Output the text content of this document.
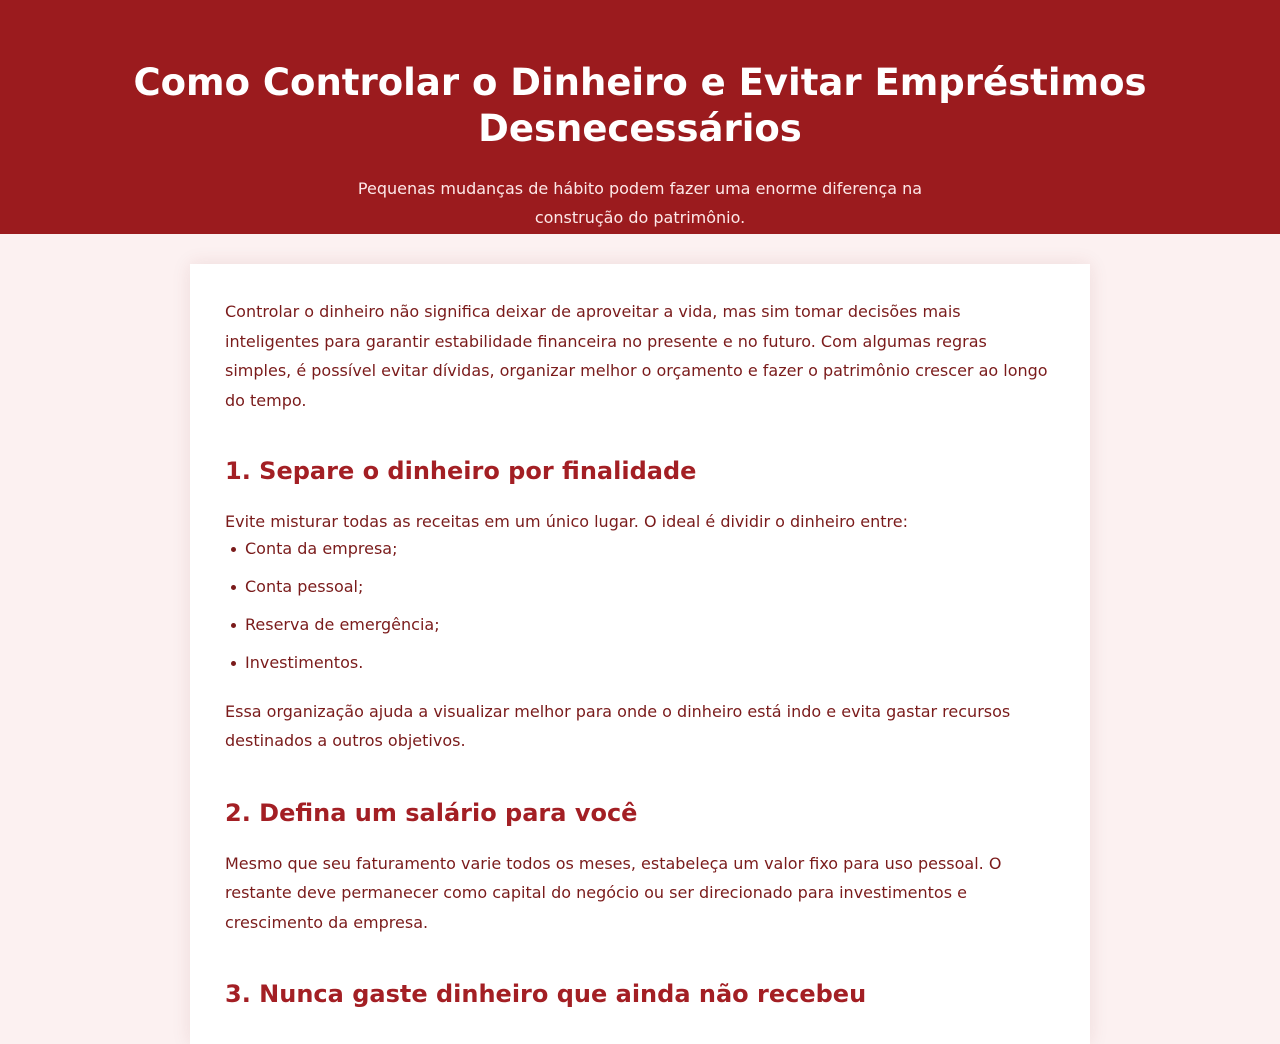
Como Controlar o Dinheiro e Evitar Empréstimos Desnecessários

Pequenas mudanças de hábito podem fazer uma enorme diferença na construção do patrimônio.

Controlar o dinheiro não significa deixar de aproveitar a vida, mas sim tomar decisões mais inteligentes para garantir estabilidade financeira no presente e no futuro. Com algumas regras simples, é possível evitar dívidas, organizar melhor o orçamento e fazer o patrimônio crescer ao longo do tempo.

1. Separe o dinheiro por finalidade

Evite misturar todas as receitas em um único lugar. O ideal é dividir o dinheiro entre:

Conta da empresa;
Conta pessoal;
Reserva de emergência;
Investimentos.

Essa organização ajuda a visualizar melhor para onde o dinheiro está indo e evita gastar recursos destinados a outros objetivos.

2. Defina um salário para você

Mesmo que seu faturamento varie todos os meses, estabeleça um valor fixo para uso pessoal. O restante deve permanecer como capital do negócio ou ser direcionado para investimentos e crescimento da empresa.

3. Nunca gaste dinheiro que ainda não recebeu
